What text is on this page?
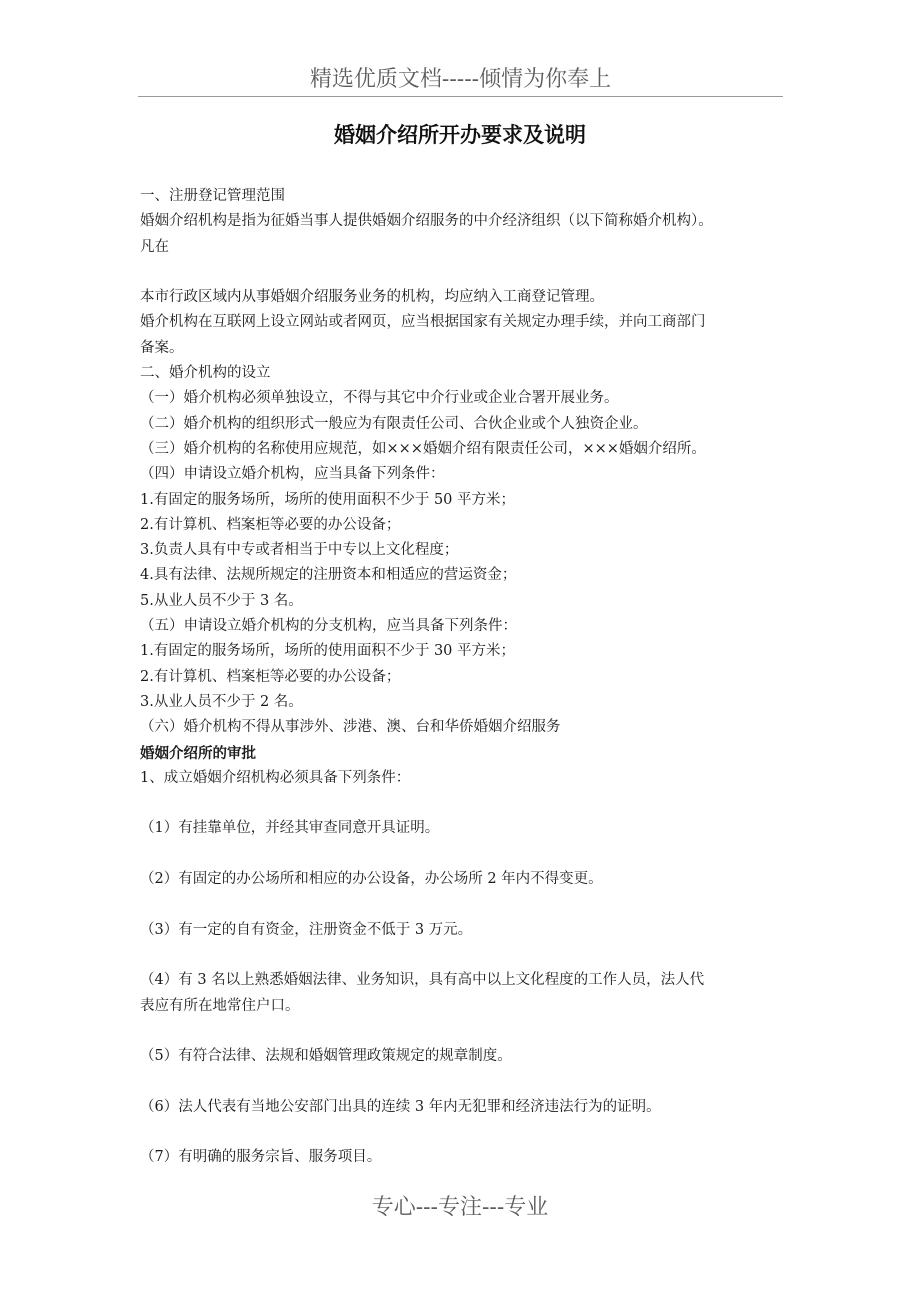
精选优质文档-----倾情为你奉上
婚姻介绍所开办要求及说明

一、注册登记管理范围

婚姻介绍机构是指为征婚当事人提供婚姻介绍服务的中介经济组织（以下简称婚介机构）。

凡在

本市行政区域内从事婚姻介绍服务业务的机构，均应纳入工商登记管理。

婚介机构在互联网上设立网站或者网页，应当根据国家有关规定办理手续，并向工商部门

备案。

二、婚介机构的设立

（一）婚介机构必须单独设立，不得与其它中介行业或企业合署开展业务。

（二）婚介机构的组织形式一般应为有限责任公司、合伙企业或个人独资企业。

（三）婚介机构的名称使用应规范，如×××婚姻介绍有限责任公司，×××婚姻介绍所。

（四）申请设立婚介机构，应当具备下列条件：

1.有固定的服务场所，场所的使用面积不少于 50 平方米；

2.有计算机、档案柜等必要的办公设备；

3.负责人具有中专或者相当于中专以上文化程度；

4.具有法律、法规所规定的注册资本和相适应的营运资金；

5.从业人员不少于 3 名。

（五）申请设立婚介机构的分支机构，应当具备下列条件：

1.有固定的服务场所，场所的使用面积不少于 30 平方米；

2.有计算机、档案柜等必要的办公设备；

3.从业人员不少于 2 名。

（六）婚介机构不得从事涉外、涉港、澳、台和华侨婚姻介绍服务

婚姻介绍所的审批

1、成立婚姻介绍机构必须具备下列条件：

（1）有挂靠单位，并经其审查同意开具证明。

（2）有固定的办公场所和相应的办公设备，办公场所 2 年内不得变更。

（3）有一定的自有资金，注册资金不低于 3 万元。

（4）有 3 名以上熟悉婚姻法律、业务知识，具有高中以上文化程度的工作人员，法人代

表应有所在地常住户口。

（5）有符合法律、法规和婚姻管理政策规定的规章制度。

（6）法人代表有当地公安部门出具的连续 3 年内无犯罪和经济违法行为的证明。

（7）有明确的服务宗旨、服务项目。

专心---专注---专业
